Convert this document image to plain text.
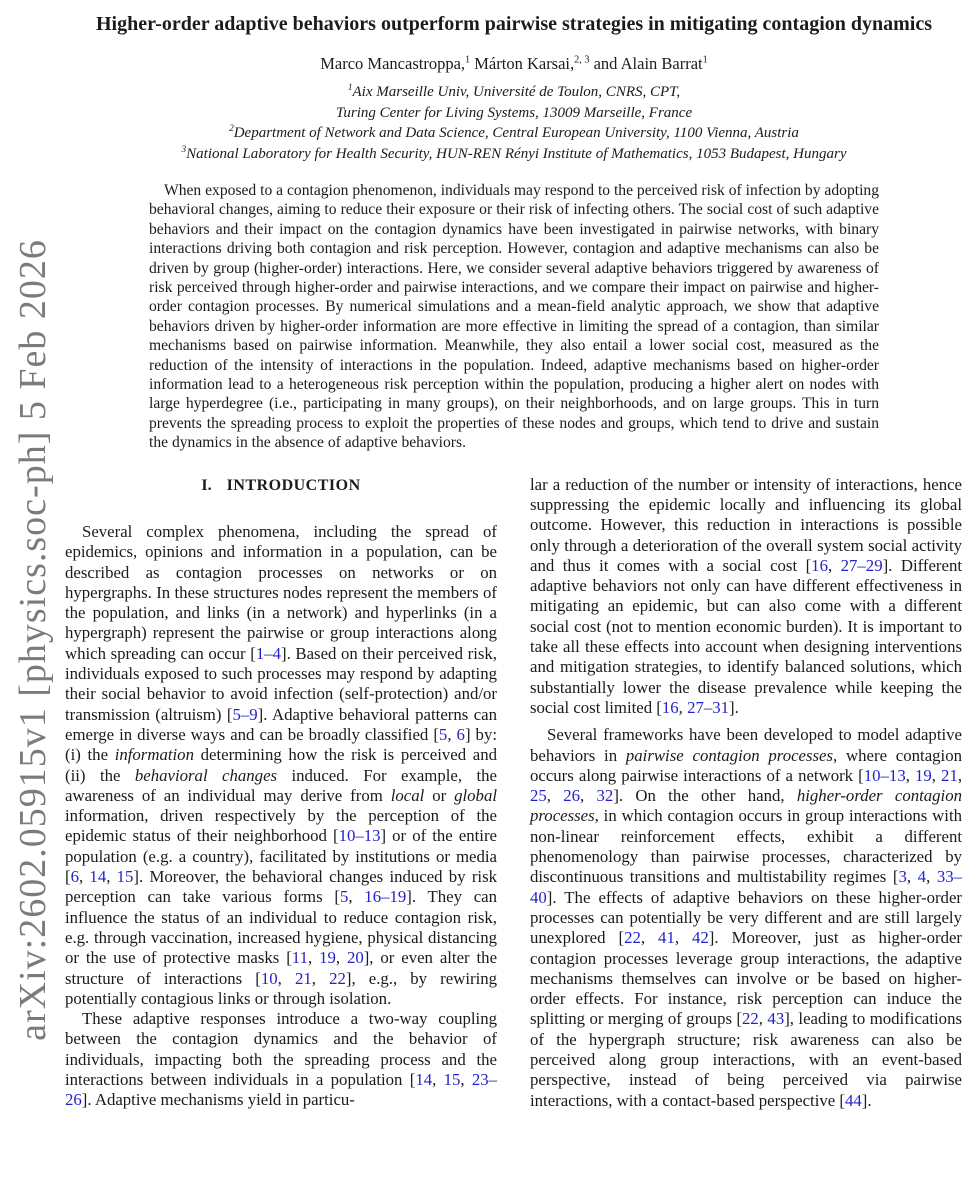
arXiv:2602.05915v1 [physics.soc-ph] 5 Feb 2026
Higher-order adaptive behaviors outperform pairwise strategies in mitigating contagion dynamics
Marco Mancastroppa,$^1$ Márton Karsai,$^{2, 3}$ and Alain Barrat$^1$
$^1$Aix Marseille Univ, Université de Toulon, CNRS, CPT,
Turing Center for Living Systems, 13009 Marseille, France
$^2$Department of Network and Data Science, Central European University, 1100 Vienna, Austria
$^3$National Laboratory for Health Security, HUN-REN Rényi Institute of Mathematics, 1053 Budapest, Hungary

When exposed to a contagion phenomenon, individuals may respond to the perceived risk of infection by adopting behavioral changes, aiming to reduce their exposure or their risk of infecting others. The social cost of such adaptive behaviors and their impact on the contagion dynamics have been investigated in pairwise networks, with binary interactions driving both contagion and risk perception. However, contagion and adaptive mechanisms can also be driven by group (higher-order) interactions. Here, we consider several adaptive behaviors triggered by awareness of risk perceived through higher-order and pairwise interactions, and we compare their impact on pairwise and higher-order contagion processes. By numerical simulations and a mean-field analytic approach, we show that adaptive behaviors driven by higher-order information are more effective in limiting the spread of a contagion, than similar mechanisms based on pairwise information. Meanwhile, they also entail a lower social cost, measured as the reduction of the intensity of interactions in the population. Indeed, adaptive mechanisms based on higher-order information lead to a heterogeneous risk perception within the population, producing a higher alert on nodes with large hyperdegree (i.e., participating in many groups), on their neighborhoods, and on large groups. This in turn prevents the spreading process to exploit the properties of these nodes and groups, which tend to drive and sustain the dynamics in the absence of adaptive behaviors.

I. INTRODUCTION

Several complex phenomena, including the spread of epidemics, opinions and information in a population, can be described as contagion processes on networks or on hypergraphs. In these structures nodes represent the members of the population, and links (in a network) and hyperlinks (in a hypergraph) represent the pairwise or group interactions along which spreading can occur [1–4]. Based on their perceived risk, individuals exposed to such processes may respond by adapting their social behavior to avoid infection (self-protection) and/or transmission (altruism) [5–9]. Adaptive behavioral patterns can emerge in diverse ways and can be broadly classified [5, 6] by: (i) the information determining how the risk is perceived and (ii) the behavioral changes induced. For example, the awareness of an individual may derive from local or global information, driven respectively by the perception of the epidemic status of their neighborhood [10–13] or of the entire population (e.g. a country), facilitated by institutions or media [6, 14, 15]. Moreover, the behavioral changes induced by risk perception can take various forms [5, 16–19]. They can influence the status of an individual to reduce contagion risk, e.g. through vaccination, increased hygiene, physical distancing or the use of protective masks [11, 19, 20], or even alter the structure of interactions [10, 21, 22], e.g., by rewiring potentially contagious links or through isolation.

These adaptive responses introduce a two-way coupling between the contagion dynamics and the behavior of individuals, impacting both the spreading process and the interactions between individuals in a population [14, 15, 23–26]. Adaptive mechanisms yield in particu-

lar a reduction of the number or intensity of interactions, hence suppressing the epidemic locally and influencing its global outcome. However, this reduction in interactions is possible only through a deterioration of the overall system social activity and thus it comes with a social cost [16, 27–29]. Different adaptive behaviors not only can have different effectiveness in mitigating an epidemic, but can also come with a different social cost (not to mention economic burden). It is important to take all these effects into account when designing interventions and mitigation strategies, to identify balanced solutions, which substantially lower the disease prevalence while keeping the social cost limited [16, 27–31].

Several frameworks have been developed to model adaptive behaviors in pairwise contagion processes, where contagion occurs along pairwise interactions of a network [10–13, 19, 21, 25, 26, 32]. On the other hand, higher-order contagion processes, in which contagion occurs in group interactions with non-linear reinforcement effects, exhibit a different phenomenology than pairwise processes, characterized by discontinuous transitions and multistability regimes [3, 4, 33–40]. The effects of adaptive behaviors on these higher-order processes can potentially be very different and are still largely unexplored [22, 41, 42]. Moreover, just as higher-order contagion processes leverage group interactions, the adaptive mechanisms themselves can involve or be based on higher-order effects. For instance, risk perception can induce the splitting or merging of groups [22, 43], leading to modifications of the hypergraph structure; risk awareness can also be perceived along group interactions, with an event-based perspective, instead of being perceived via pairwise interactions, with a contact-based perspective [44].
